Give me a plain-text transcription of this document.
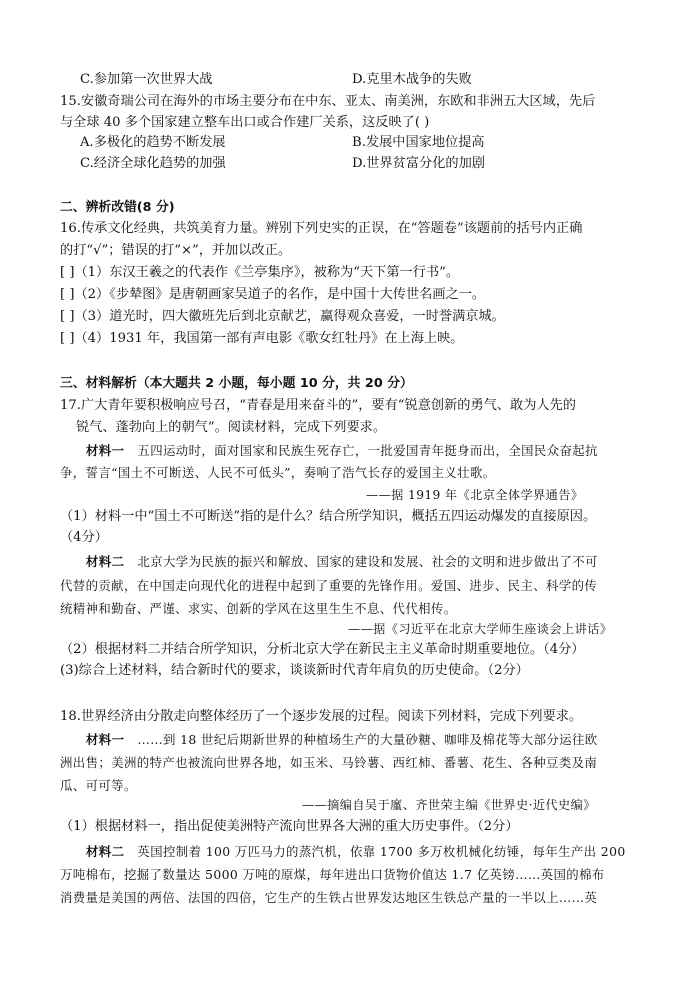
C.参加第一次世界大战	D.克里木战争的失败
15.安徽奇瑞公司在海外的市场主要分布在中东、亚太、南美洲，东欧和非洲五大区域，先后
与全球 40 多个国家建立整车出口或合作建厂关系，这反映了( )
A.多极化的趋势不断发展	B.发展中国家地位提高
C.经济全球化趋势的加强	D.世界贫富分化的加剧
二、辨析改错(8 分)
16.传承文化经典，共筑美育力量。辨别下列史实的正误，在“答题卷”该题前的括号内正确
的打“√”；错误的打“×”，并加以改正。
[ ]（1）东汉王羲之的代表作《兰亭集序》，被称为“天下第一行书”。
[ ]（2）《步辇图》是唐朝画家吴道子的名作，是中国十大传世名画之一。
[ ]（3）道光时，四大徽班先后到北京献艺，赢得观众喜爱，一时誉满京城。
[ ]（4）1931 年，我国第一部有声电影《歌女红牡丹》在上海上映。
三、材料解析（本大题共 2 小题，每小题 10 分，共 20 分）
17.广大青年要积极响应号召，“青春是用来奋斗的”，要有“锐意创新的勇气、敢为人先的
锐气、蓬勃向上的朝气”。阅读材料，完成下列要求。
材料一 五四运动时，面对国家和民族生死存亡，一批爱国青年挺身而出，全国民众奋起抗
争，誓言“国土不可断送、人民不可低头”，奏响了浩气长存的爱国主义壮歌。
——据 1919 年《北京全体学界通告》
（1）材料一中“国土不可断送”指的是什么？结合所学知识，概括五四运动爆发的直接原因。
（4分）
材料二 北京大学为民族的振兴和解放、国家的建设和发展、社会的文明和进步做出了不可
代替的贡献，在中国走向现代化的进程中起到了重要的先锋作用。爱国、进步、民主、科学的传
统精神和勤奋、严谨、求实、创新的学风在这里生生不息、代代相传。
——据《习近平在北京大学师生座谈会上讲话》
（2）根据材料二并结合所学知识，分析北京大学在新民主主义革命时期重要地位。（4分）
(3)综合上述材料，结合新时代的要求，谈谈新时代青年肩负的历史使命。（2分）
18.世界经济由分散走向整体经历了一个逐步发展的过程。阅读下列材料，完成下列要求。
材料一 ……到 18 世纪后期新世界的种植场生产的大量砂糖、咖啡及棉花等大部分运往欧
洲出售；美洲的特产也被流向世界各地，如玉米、马铃薯、西红柿、番薯、花生、各种豆类及南
瓜、可可等。
——摘编自吴于廑、齐世荣主编《世界史·近代史编》
（1）根据材料一，指出促使美洲特产流向世界各大洲的重大历史事件。（2分）
材料二 英国控制着 100 万匹马力的蒸汽机，依靠 1700 多万枚机械化纺锤，每年生产出 200
万吨棉布，挖掘了数量达 5000 万吨的原煤，每年进出口货物价值达 1.7 亿英镑……英国的棉布
消费量是美国的两倍、法国的四倍，它生产的生铁占世界发达地区生铁总产量的一半以上……英
